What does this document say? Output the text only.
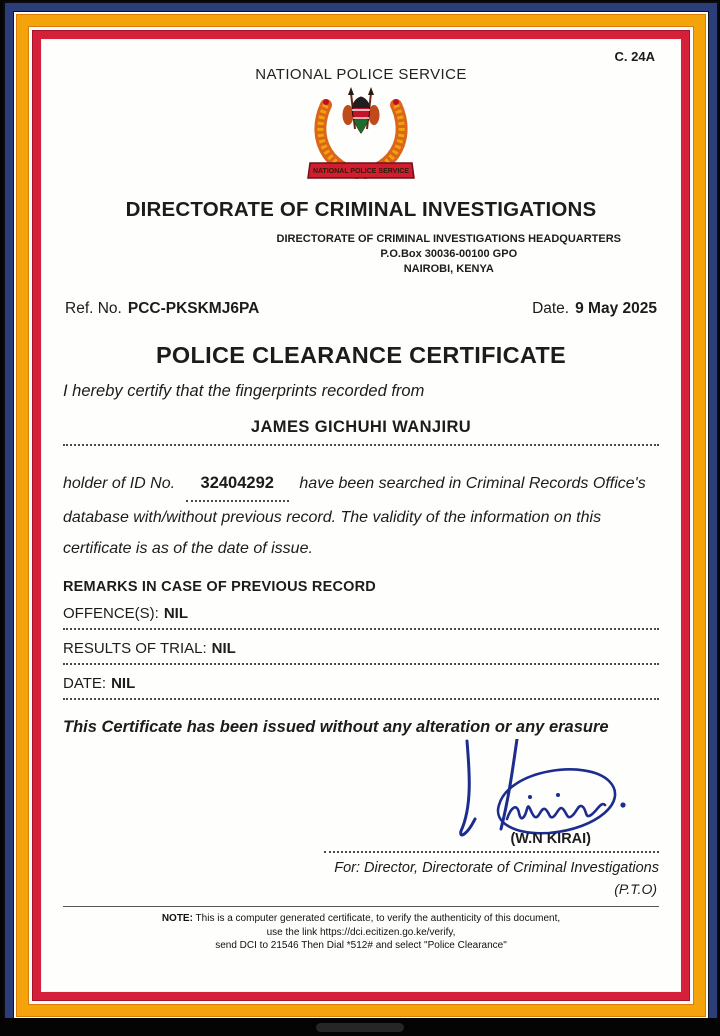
C. 24A
NATIONAL POLICE SERVICE
NATIONAL POLICE SERVICE
DIRECTORATE OF CRIMINAL INVESTIGATIONS
DIRECTORATE OF CRIMINAL INVESTIGATIONS HEADQUARTERS
P.O.Box 30036-00100 GPO
NAIROBI, KENYA
Ref. No. PCC-PKSKMJ6PA	Date. 9 May 2025
POLICE CLEARANCE CERTIFICATE
I hereby certify that the fingerprints recorded from
JAMES GICHUHI WANJIRU
holder of ID No. 32404292 have been searched in Criminal Records Office's database with/without previous record. The validity of the information on this certificate is as of the date of issue.
REMARKS IN CASE OF PREVIOUS RECORD
OFFENCE(S): NIL
RESULTS OF TRIAL: NIL
DATE: NIL
This Certificate has been issued without any alteration or any erasure
(W.N KIRAI)
For: Director, Directorate of Criminal Investigations
(P.T.O)
NOTE: This is a computer generated certificate, to verify the authenticity of this document,
use the link https://dci.ecitizen.go.ke/verify,
send DCI to 21546 Then Dial *512# and select "Police Clearance"
